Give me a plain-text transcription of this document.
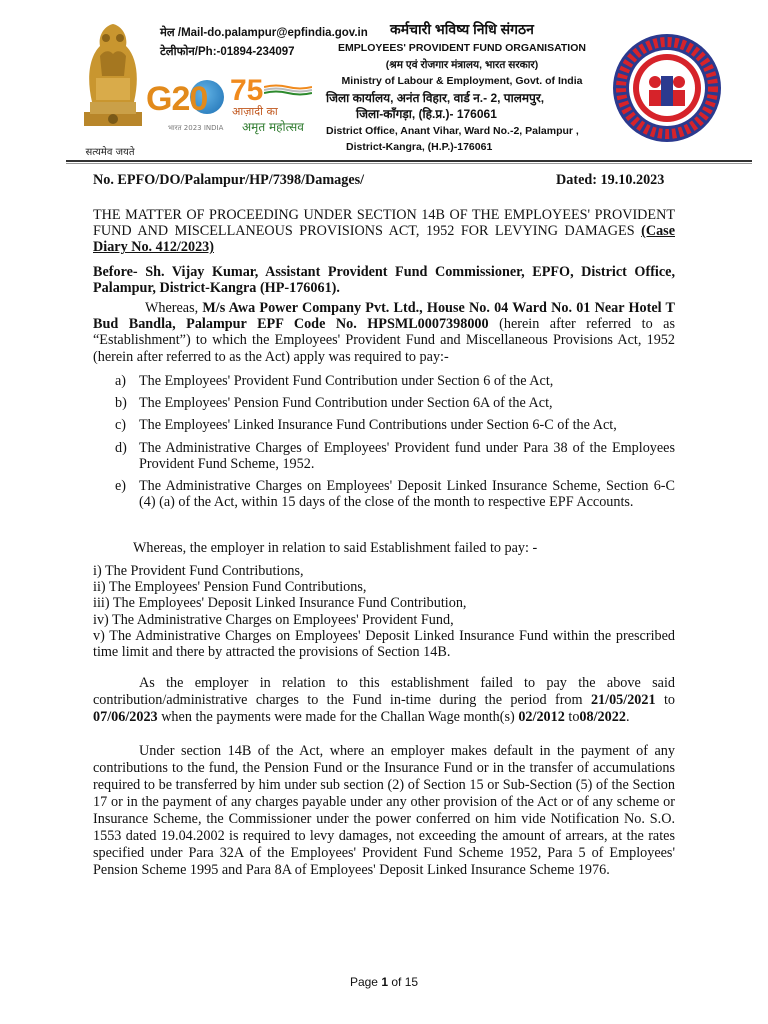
सत्यमेव जयते
G20
भारत 2023 INDIA
75
आज़ादी का
अमृत महोत्सव
मेल /Mail-do.palampur@epfindia.gov.in
टेलीफोन/Ph:-01894-234097
कर्मचारी भविष्य निधि संगठन
EMPLOYEES' PROVIDENT FUND ORGANISATION
(श्रम एवं रोजगार मंत्रालय, भारत सरकार)
Ministry of Labour & Employment, Govt. of India
जिला कार्यालय, अनंत विहार, वार्ड न.- 2, पालमपुर,
जिला-काँगड़ा, (हि.प्र.)- 176061
District Office, Anant Vihar, Ward No.-2, Palampur ,
District-Kangra, (H.P.)-176061
No. EPFO/DO/Palampur/HP/7398/Damages/	Dated: 19.10.2023
THE MATTER OF PROCEEDING UNDER SECTION 14B OF THE EMPLOYEES' PROVIDENT FUND AND MISCELLANEOUS PROVISIONS ACT, 1952 FOR LEVYING DAMAGES (Case Diary No. 412/2023)
Before- Sh. Vijay Kumar, Assistant Provident Fund Commissioner, EPFO, District Office, Palampur, District-Kangra (HP-176061).
Whereas, M/s Awa Power Company Pvt. Ltd., House No. 04 Ward No. 01 Near Hotel T Bud Bandla, Palampur EPF Code No. HPSML0007398000 (herein after referred to as “Establishment”) to which the Employees' Provident Fund and Miscellaneous Provisions Act, 1952 (herein after referred to as the Act) apply was required to pay:-
a) The Employees' Provident Fund Contribution under Section 6 of the Act,
b) The Employees' Pension Fund Contribution under Section 6A of the Act,
c) The Employees' Linked Insurance Fund Contributions under Section 6-C of the Act,
d) The Administrative Charges of Employees' Provident fund under Para 38 of the Employees Provident Fund Scheme, 1952.
e) The Administrative Charges on Employees' Deposit Linked Insurance Scheme, Section 6-C (4) (a) of the Act, within 15 days of the close of the month to respective EPF Accounts.
Whereas, the employer in relation to said Establishment failed to pay: -
i) The Provident Fund Contributions,
ii) The Employees' Pension Fund Contributions,
iii) The Employees' Deposit Linked Insurance Fund Contribution,
iv) The Administrative Charges on Employees' Provident Fund,
v) The Administrative Charges on Employees' Deposit Linked Insurance Fund within the prescribed time limit and there by attracted the provisions of Section 14B.
As the employer in relation to this establishment failed to pay the above said contribution/administrative charges to the Fund in-time during the period from 21/05/2021 to 07/06/2023 when the payments were made for the Challan Wage month(s) 02/2012 to08/2022.
Under section 14B of the Act, where an employer makes default in the payment of any contributions to the fund, the Pension Fund or the Insurance Fund or in the transfer of accumulations required to be transferred by him under sub section (2) of Section 15 or Sub-Section (5) of the Section 17 or in the payment of any charges payable under any other provision of the Act or of any scheme or Insurance Scheme, the Commissioner under the power conferred on him vide Notification No. S.O. 1553 dated 19.04.2002 is required to levy damages, not exceeding the amount of arrears, at the rates specified under Para 32A of the Employees' Provident Fund Scheme 1952, Para 5 of Employees' Pension Scheme 1995 and Para 8A of Employees' Deposit Linked Insurance Scheme 1976.
Page 1 of 15
